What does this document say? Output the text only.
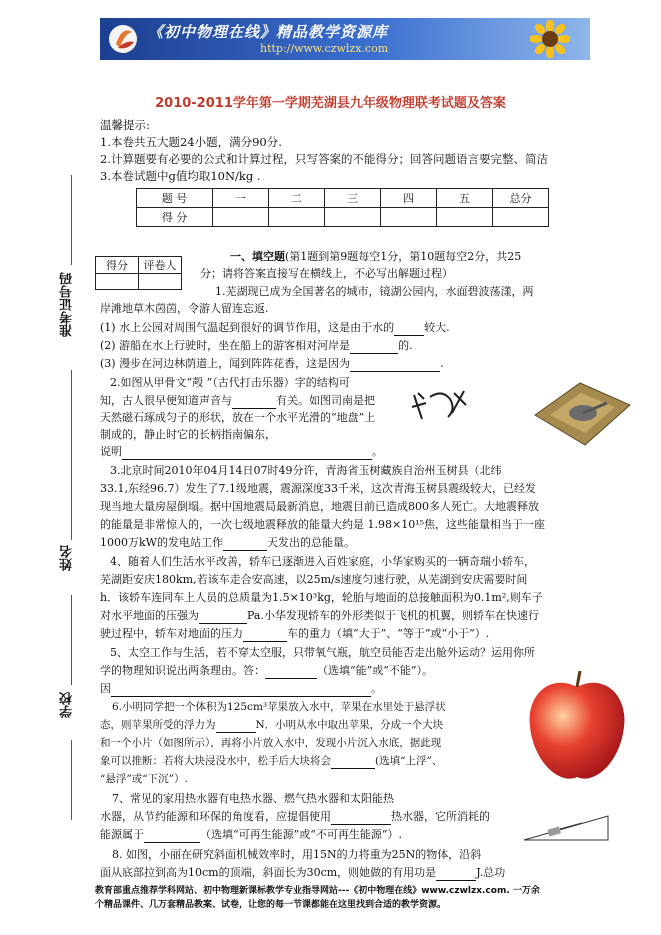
《初中物理在线》精品教学资源库
http://www.czwlzx.com
2010-2011学年第一学期芜湖县九年级物理联考试题及答案
温馨提示:
1.本卷共五大题24小题，满分90分.
2.计算题要有必要的公式和计算过程，只写答案的不能得分；回答问题语言要完整、简洁
3.本卷试题中g值均取10N/kg .
题 号	一	二	三	四	五	总分
得 分						
准考证号码
姓名
学校
得分	评卷人

一、填空题(第1题到第9题每空1分，第10题每空2分，共25
分；请将答案直接写在横线上，不必写出解题过程）
1.芜湖现已成为全国著名的城市，镜湖公园内，水面碧波荡漾，两
岸滩地草木茵茵，令游人留连忘返.
(1) 水上公园对周围气温起到很好的调节作用，这是由于水的	较大.
(2) 游船在水上行驶时，坐在船上的游客相对河岸是	的.
(3) 漫步在河边林荫道上，闻到阵阵花香，这是因为	.
2.如图从甲骨文“殸 ”（古代打击乐器）字的结构可
知，古人很早便知道声音与	有关。如图司南是把
天然磁石琢成匀子的形状，放在一个水平光滑的“地盘”上
制成的，静止时它的长柄指南偏东，
说明	。
3.北京时间2010年04月14日07时49分许，青海省玉树藏族自治州玉树县（北纬
33.1,东经96.7）发生了7.1级地震，震源深度33千米，这次青海玉树县震级较大，已经发
现当地大量房屋倒塌。据中国地震局最新消息，地震目前已造成800多人死亡。大地震释放
的能量是非常惊人的，一次七级地震释放的能量大约是 1.98×10¹⁵焦，这些能量相当于一座
1000万kW的发电站工作	天发出的总能量。
4、随着人们生活水平改善，轿车已逐渐进入百姓家庭，小华家购买的一辆奇瑞小轿车，
芜湖距安庆180km,若该车走合安高速，以25m/s速度匀速行驶，从芜湖到安庆需要时间
h．该轿车连同车上人员的总质量为1.5×10³kg，轮胎与地面的总接触面积为0.1m²,则车子
对水平地面的压强为	Pa.小华发现轿车的外形类似于飞机的机翼，则轿车在快速行
驶过程中，轿车对地面的压力	车的重力（填“大于”、“等于”或“小于”）.
5、太空工作与生活，若不穿太空服，只带氧气瓶，航空员能否走出舱外运动？运用你所
学的物理知识说出两条理由。答：	（选填“能”或“不能”）。
因	。
6.小明同学把一个体积为125cm³苹果放入水中，苹果在水里处于悬浮状
态，则苹果所受的浮力为	N．小明从水中取出苹果，分成一个大块
和一个小片（如图所示），再将小片放入水中，发现小片沉入水底，据此现
象可以推断：若将大块浸没水中，松手后大块将会	(选填“上浮”、
“悬浮”或“下沉”）.
7、常见的家用热水器有电热水器、燃气热水器和太阳能热
水器，从节约能源和环保的角度看，应提倡使用	热水器，它所消耗的
能源属于	（选填“可再生能源”或“不可再生能源”）.
8. 如图，小丽在研究斜面机械效率时，用15N的力将重为25N的物体，沿斜
面从底部拉到高为10cm的顶端，斜面长为30cm，则她做的有用功是	J.总功
教育部重点推荐学科网站、初中物理新课标教学专业指导网站---《初中物理在线》www.czwlzx.com. 一万余
个精品课件、几万套精品教案、试卷，让您的每一节课都能在这里找到合适的教学资源。
